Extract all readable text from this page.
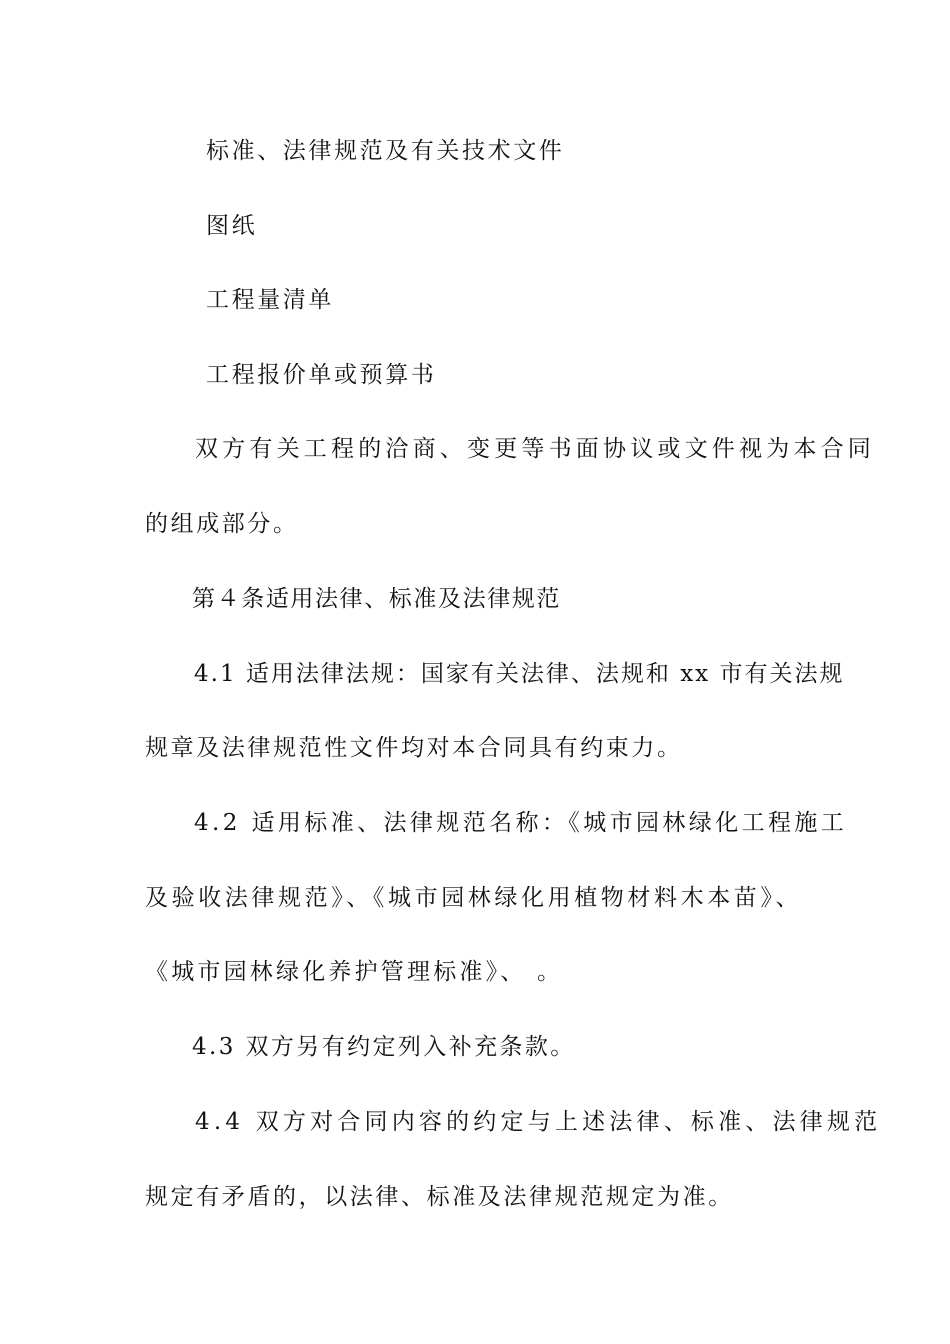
标准、法律规范及有关技术文件
图纸
工程量清单
工程报价单或预算书
双方有关工程的洽商、变更等书面协议或文件视为本合同
的组成部分。
第４条适用法律、标准及法律规范
4.1 适用法律法规：国家有关法律、法规和 xx 市有关法规
规章及法律规范性文件均对本合同具有约束力。
4.2 适用标准、法律规范名称：《城市园林绿化工程施工
及验收法律规范》、《城市园林绿化用植物材料木本苗》、
《城市园林绿化养护管理标准》、 。
4.3 双方另有约定列入补充条款。
4.4 双方对合同内容的约定与上述法律、标准、法律规范
规定有矛盾的，以法律、标准及法律规范规定为准。
